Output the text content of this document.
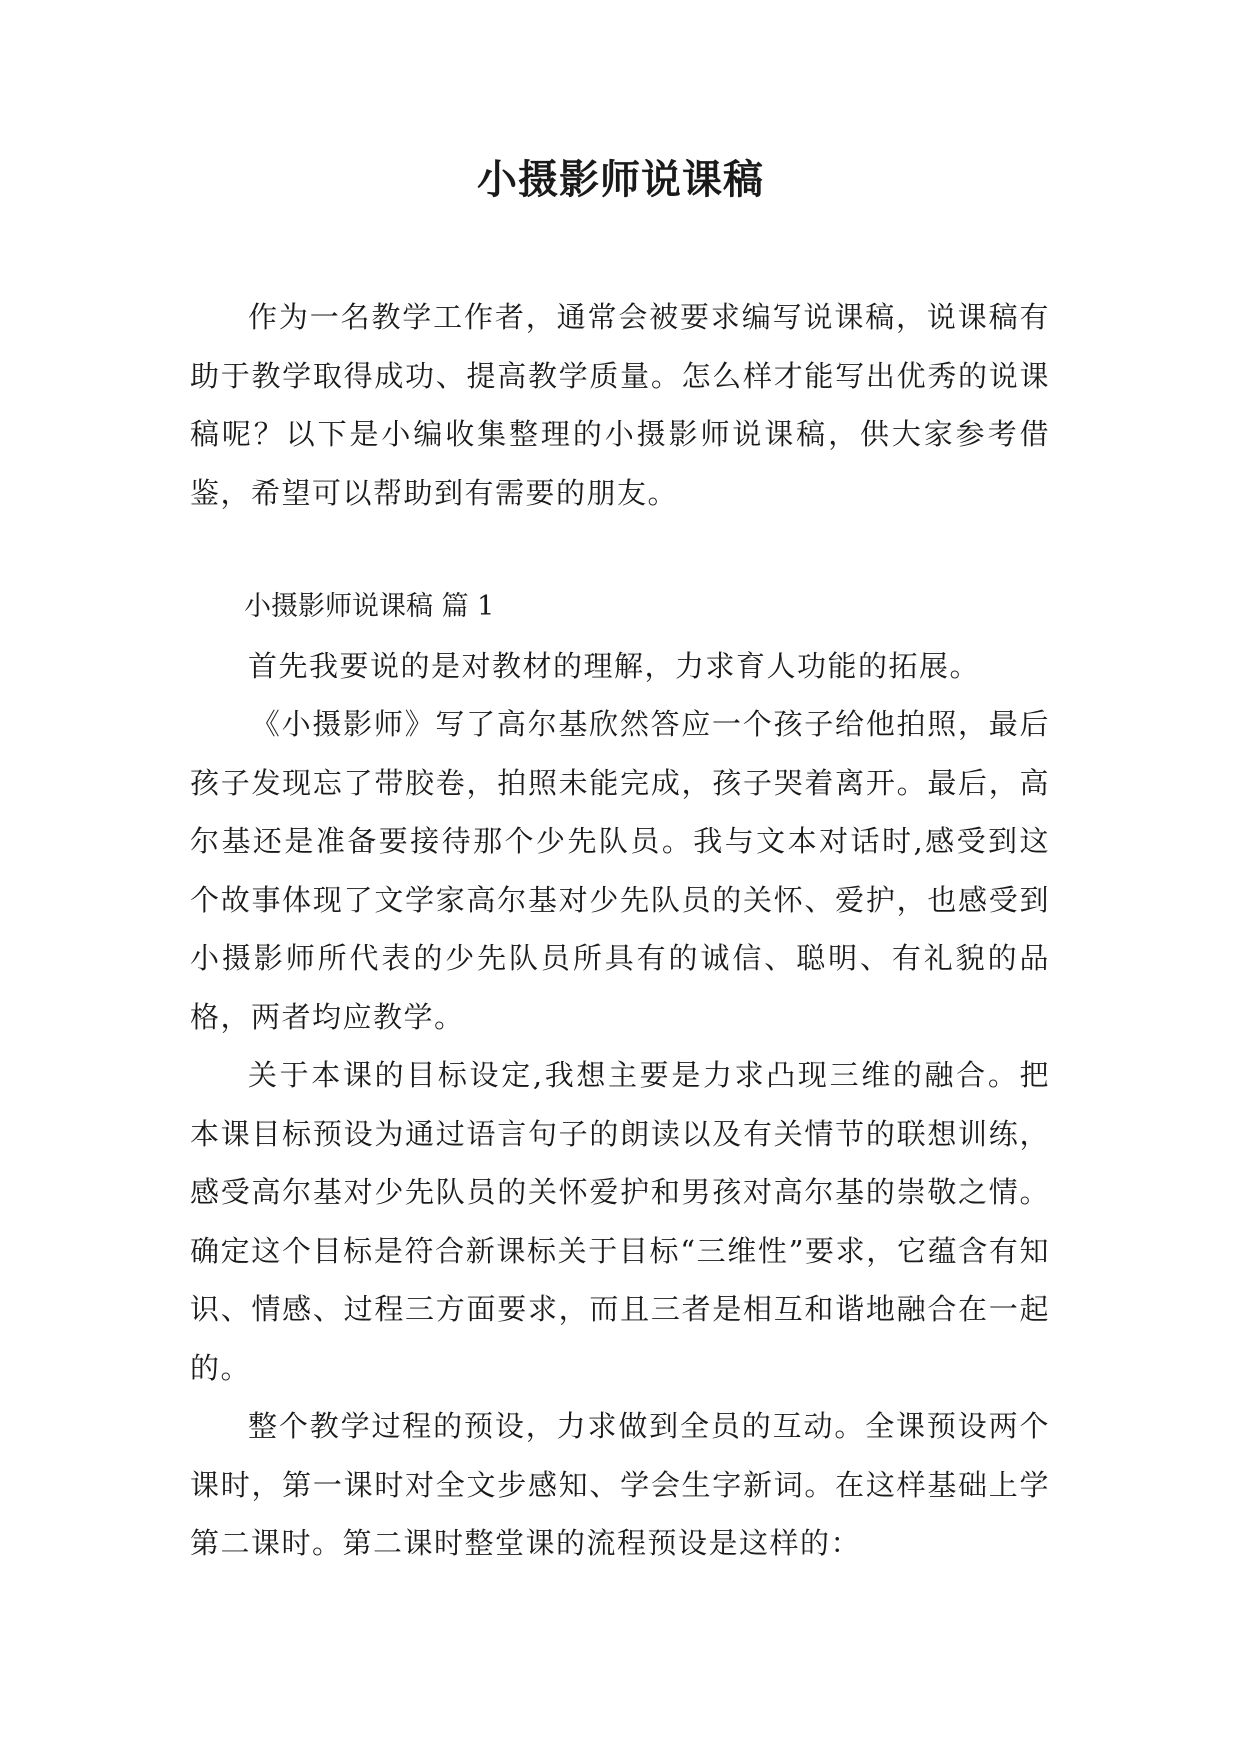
小摄影师说课稿

作为一名教学工作者，通常会被要求编写说课稿，说课稿有助于教学取得成功、提高教学质量。怎么样才能写出优秀的说课稿呢？以下是小编收集整理的小摄影师说课稿，供大家参考借鉴，希望可以帮助到有需要的朋友。

小摄影师说课稿 篇 1

首先我要说的是对教材的理解，力求育人功能的拓展。

《小摄影师》写了高尔基欣然答应一个孩子给他拍照，最后孩子发现忘了带胶卷，拍照未能完成，孩子哭着离开。最后，高尔基还是准备要接待那个少先队员。我与文本对话时,感受到这个故事体现了文学家高尔基对少先队员的关怀、爱护，也感受到小摄影师所代表的少先队员所具有的诚信、聪明、有礼貌的品格，两者均应教学。

关于本课的目标设定,我想主要是力求凸现三维的融合。把本课目标预设为通过语言句子的朗读以及有关情节的联想训练，感受高尔基对少先队员的关怀爱护和男孩对高尔基的崇敬之情。确定这个目标是符合新课标关于目标“三维性”要求，它蕴含有知识、情感、过程三方面要求，而且三者是相互和谐地融合在一起的。

整个教学过程的预设，力求做到全员的互动。全课预设两个课时，第一课时对全文步感知、学会生字新词。在这样基础上学第二课时。第二课时整堂课的流程预设是这样的：
